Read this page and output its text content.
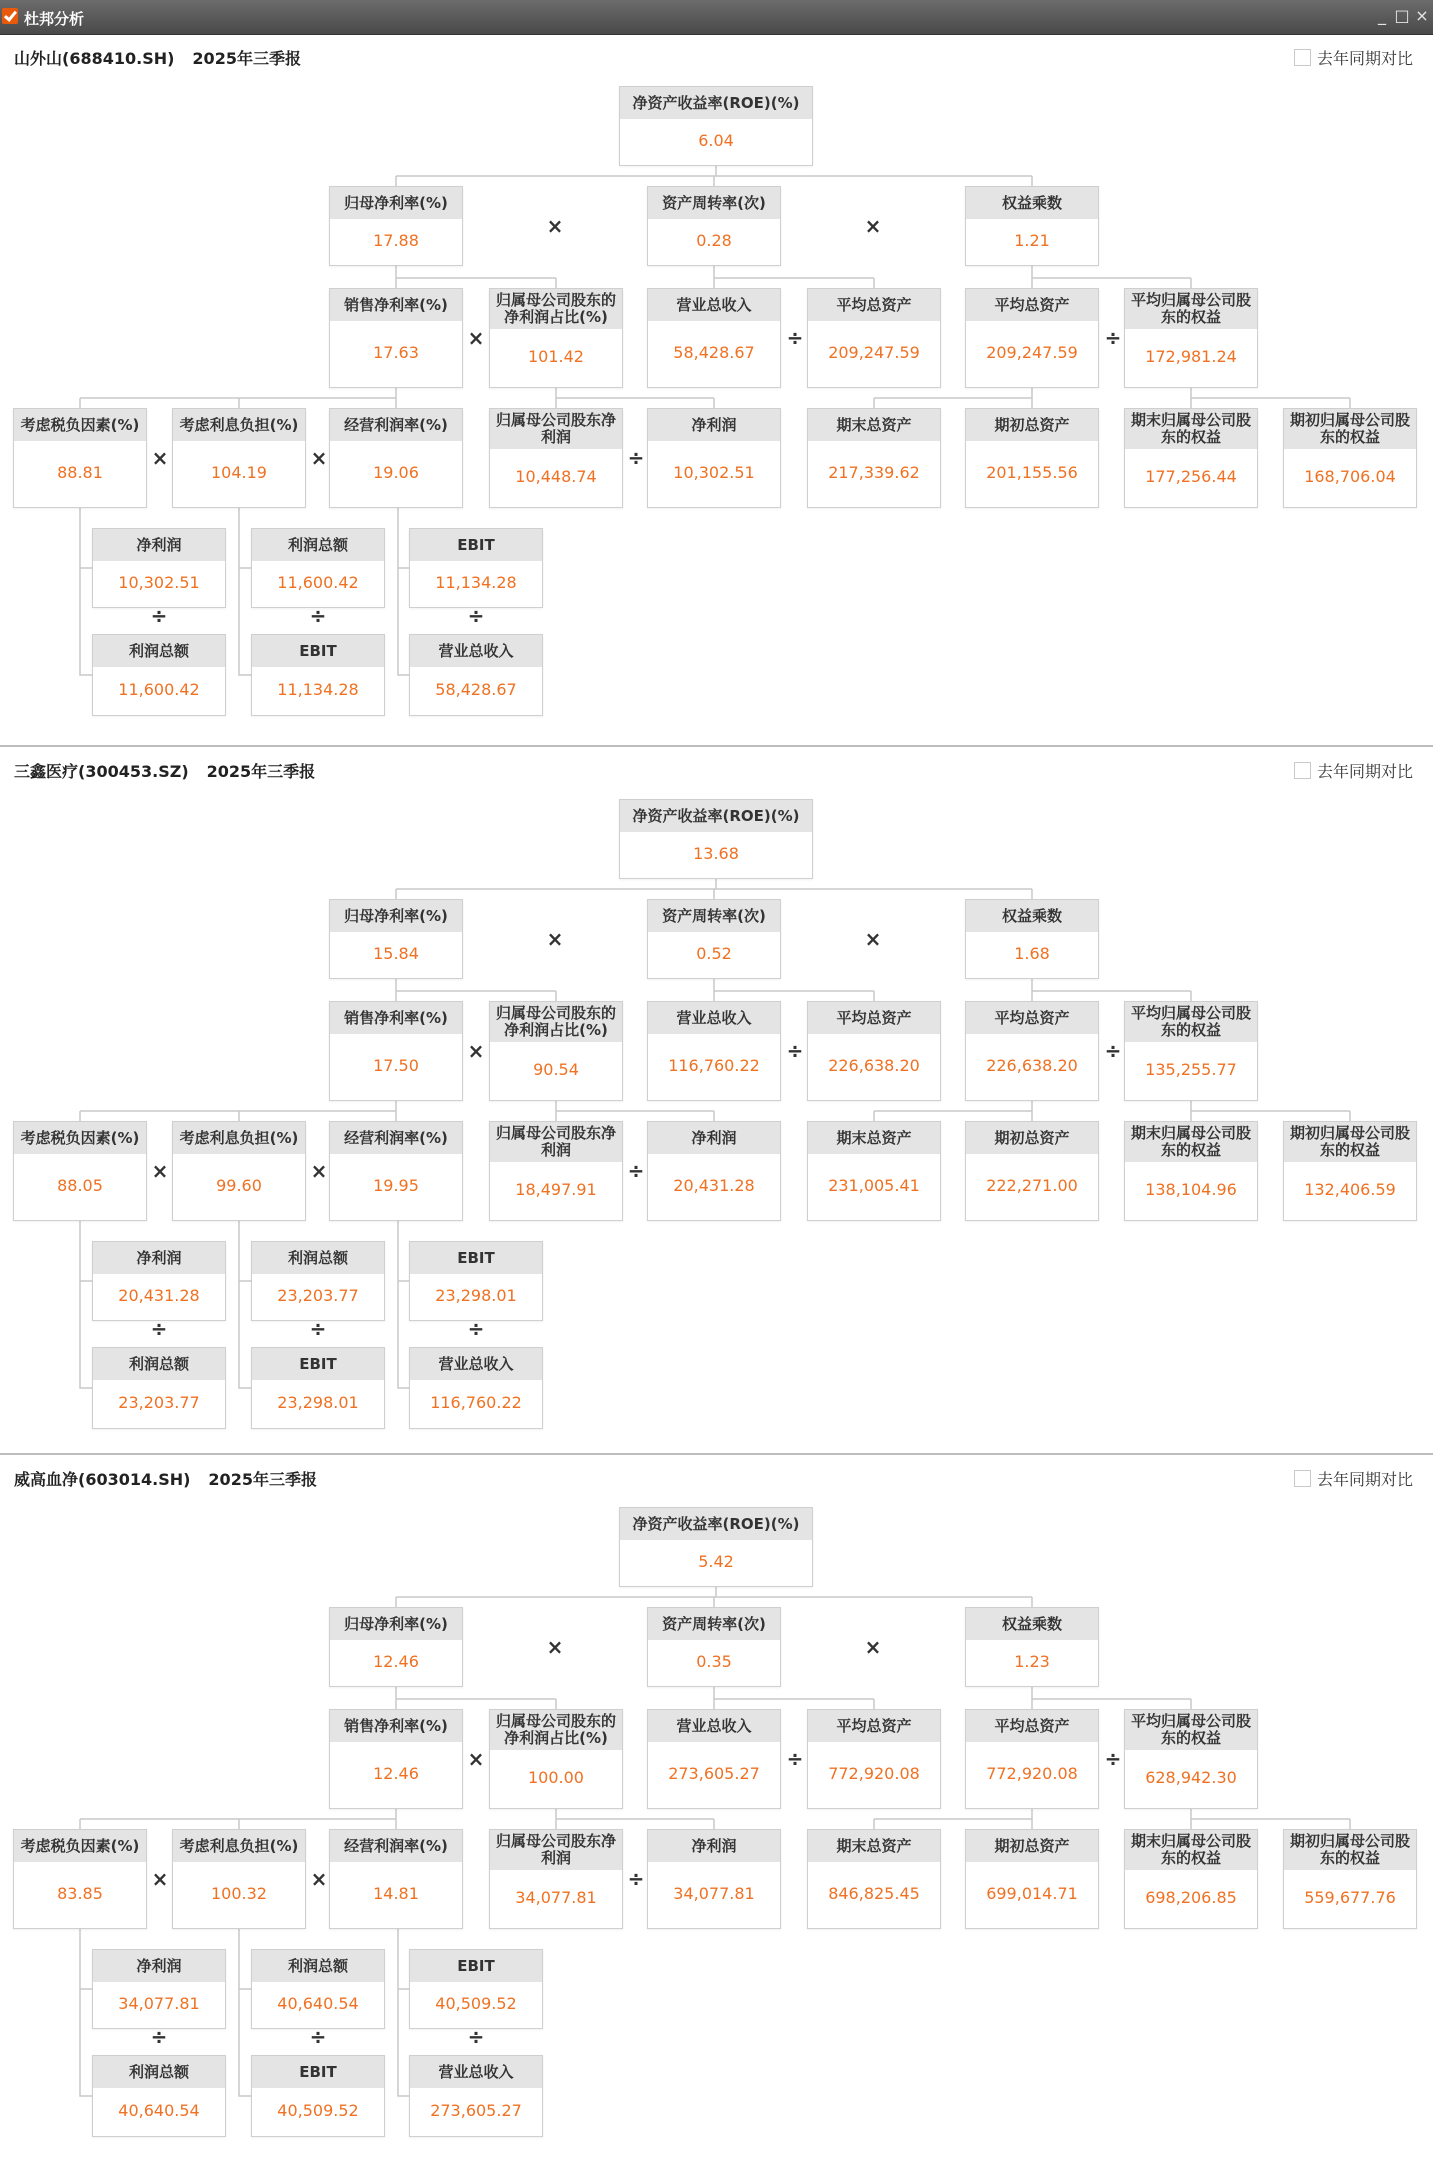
杜邦分析	_ □ ×
山外山(688410.SH) 2025年三季报	去年同期对比
净资产收益率(ROE)(%)
6.04
归母净利率(%)
17.88
资产周转率(次)
0.28
权益乘数
1.21
销售净利率(%)
17.63
归属母公司股东的净利润占比(%)
101.42
营业总收入
58,428.67
平均总资产
209,247.59
平均总资产
209,247.59
平均归属母公司股东的权益
172,981.24
考虑税负因素(%)
88.81
考虑利息负担(%)
104.19
经营利润率(%)
19.06
归属母公司股东净利润
10,448.74
净利润
10,302.51
期末总资产
217,339.62
期初总资产
201,155.56
期末归属母公司股东的权益
177,256.44
期初归属母公司股东的权益
168,706.04
净利润
10,302.51
利润总额
11,600.42
EBIT
11,134.28
利润总额
11,600.42
EBIT
11,134.28
营业总收入
58,428.67
×	×
×	÷	÷
×	×	÷
÷	÷	÷
三鑫医疗(300453.SZ) 2025年三季报	去年同期对比
净资产收益率(ROE)(%)
13.68
归母净利率(%)
15.84
资产周转率(次)
0.52
权益乘数
1.68
销售净利率(%)
17.50
归属母公司股东的净利润占比(%)
90.54
营业总收入
116,760.22
平均总资产
226,638.20
平均总资产
226,638.20
平均归属母公司股东的权益
135,255.77
考虑税负因素(%)
88.05
考虑利息负担(%)
99.60
经营利润率(%)
19.95
归属母公司股东净利润
18,497.91
净利润
20,431.28
期末总资产
231,005.41
期初总资产
222,271.00
期末归属母公司股东的权益
138,104.96
期初归属母公司股东的权益
132,406.59
净利润
20,431.28
利润总额
23,203.77
EBIT
23,298.01
利润总额
23,203.77
EBIT
23,298.01
营业总收入
116,760.22
×	×
×	÷	÷
×	×	÷
÷	÷	÷
威高血净(603014.SH) 2025年三季报	去年同期对比
净资产收益率(ROE)(%)
5.42
归母净利率(%)
12.46
资产周转率(次)
0.35
权益乘数
1.23
销售净利率(%)
12.46
归属母公司股东的净利润占比(%)
100.00
营业总收入
273,605.27
平均总资产
772,920.08
平均总资产
772,920.08
平均归属母公司股东的权益
628,942.30
考虑税负因素(%)
83.85
考虑利息负担(%)
100.32
经营利润率(%)
14.81
归属母公司股东净利润
34,077.81
净利润
34,077.81
期末总资产
846,825.45
期初总资产
699,014.71
期末归属母公司股东的权益
698,206.85
期初归属母公司股东的权益
559,677.76
净利润
34,077.81
利润总额
40,640.54
EBIT
40,509.52
利润总额
40,640.54
EBIT
40,509.52
营业总收入
273,605.27
×	×
×	÷	÷
×	×	÷
÷	÷	÷
